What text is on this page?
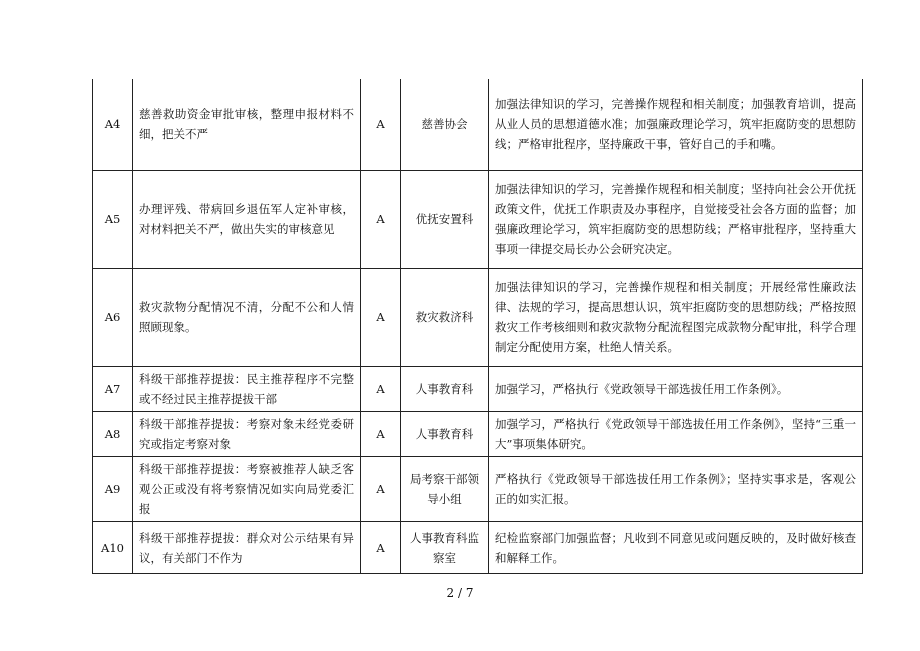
A4	慈善救助资金审批审核，整理申报材料不细，把关不严	A	慈善协会	加强法律知识的学习，完善操作规程和相关制度；加强教育培训，提高从业人员的思想道德水准；加强廉政理论学习，筑牢拒腐防变的思想防线；严格审批程序，坚持廉政干事，管好自己的手和嘴。
A5	办理评残、带病回乡退伍军人定补审核，对材料把关不严，做出失实的审核意见	A	优抚安置科	加强法律知识的学习，完善操作规程和相关制度；坚持向社会公开优抚政策文件，优抚工作职责及办事程序，自觉接受社会各方面的监督；加强廉政理论学习，筑牢拒腐防变的思想防线；严格审批程序，坚持重大事项一律提交局长办公会研究决定。
A6	救灾款物分配情况不清，分配不公和人情照顾现象。	A	救灾救济科	加强法律知识的学习，完善操作规程和相关制度；开展经常性廉政法律、法规的学习，提高思想认识，筑牢拒腐防变的思想防线；严格按照救灾工作考核细则和救灾款物分配流程图完成款物分配审批，科学合理制定分配使用方案，杜绝人情关系。
A7	科级干部推荐提拔：民主推荐程序不完整或不经过民主推荐提拔干部	A	人事教育科	加强学习，严格执行《党政领导干部选拔任用工作条例》。
A8	科级干部推荐提拔：考察对象未经党委研究或指定考察对象	A	人事教育科	加强学习，严格执行《党政领导干部选拔任用工作条例》，坚持“三重一大”事项集体研究。
A9	科级干部推荐提拔：考察被推荐人缺乏客观公正或没有将考察情况如实向局党委汇报	A	局考察干部领导小组	严格执行《党政领导干部选拔任用工作条例》；坚持实事求是，客观公正的如实汇报。
A10	科级干部推荐提拔：群众对公示结果有异议，有关部门不作为	A	人事教育科监察室	纪检监察部门加强监督；凡收到不同意见或问题反映的，及时做好核查和解释工作。
2 / 7
